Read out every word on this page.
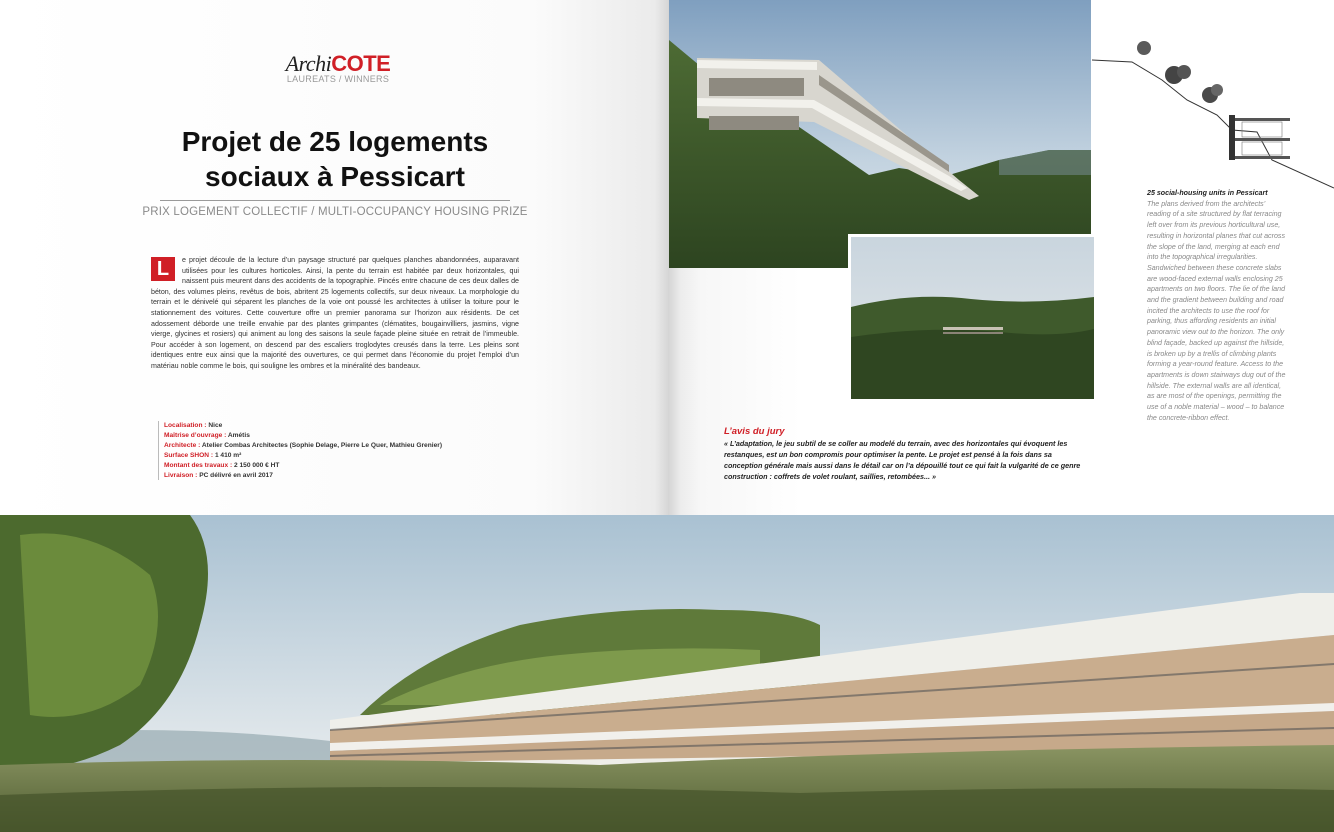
ArchiCOTE
LAUREATS / WINNERS
Projet de 25 logements
sociaux à Pessicart
PRIX LOGEMENT COLLECTIF / MULTI-OCCUPANCY HOUSING PRIZE
L	e projet découle de la lecture d’un paysage structuré par quelques planches abandonnées, auparavant utilisées pour les cultures horticoles. Ainsi, la pente du terrain est habitée par deux horizontales, qui naissent puis meurent dans des accidents de la topographie. Pincés entre chacune de ces deux dalles de béton, des volumes pleins, revêtus de bois, abritent 25 logements collectifs, sur deux niveaux. La morphologie du terrain et le dénivelé qui séparent les planches de la voie ont poussé les architectes à utiliser la toiture pour le stationnement des voitures. Cette couverture offre un premier panorama sur l’horizon aux résidents. De cet adossement déborde une treille envahie par des plantes grimpantes (clématites, bougainvilliers, jasmins, vigne vierge, glycines et rosiers) qui animent au long des saisons la seule façade pleine située en retrait de l’immeuble. Pour accéder à son logement, on descend par des escaliers troglodytes creusés dans la terre. Les pleins sont identiques entre eux ainsi que la majorité des ouvertures, ce qui permet dans l’économie du projet l’emploi d’un matériau noble comme le bois, qui souligne les ombres et la minéralité des bandeaux.
Localisation : Nice
Maîtrise d’ouvrage : Amétis
Architecte : Atelier Combas Architectes (Sophie Delage, Pierre Le Quer, Mathieu Grenier)
Surface SHON : 1 410 m²
Montant des travaux : 2 150 000 € HT
Livraison : PC délivré en avril 2017
L’avis du jury
« L’adaptation, le jeu subtil de se coller au modelé du terrain, avec des horizontales qui évoquent les restanques, est un bon compromis pour optimiser la pente. Le projet est pensé à la fois dans sa conception générale mais aussi dans le détail car on l’a dépouillé tout ce qui fait la vulgarité de ce genre construction : coffrets de volet roulant, saillies, retombées... »
25 social-housing units in Pessicart
The plans derived from the architects’ reading of a site structured by flat terracing left over from its previous horticultural use, resulting in horizontal planes that cut across the slope of the land, merging at each end into the topographical irregularities. Sandwiched between these concrete slabs are wood-faced external walls enclosing 25 apartments on two floors. The lie of the land and the gradient between building and road incited the architects to use the roof for parking, thus affording residents an initial panoramic view out to the horizon. The only blind façade, backed up against the hillside, is broken up by a trellis of climbing plants forming a year-round feature. Access to the apartments is down stairways dug out of the hillside. The external walls are all identical, as are most of the openings, permitting the use of a noble material – wood – to balance the concrete-ribbon effect.
